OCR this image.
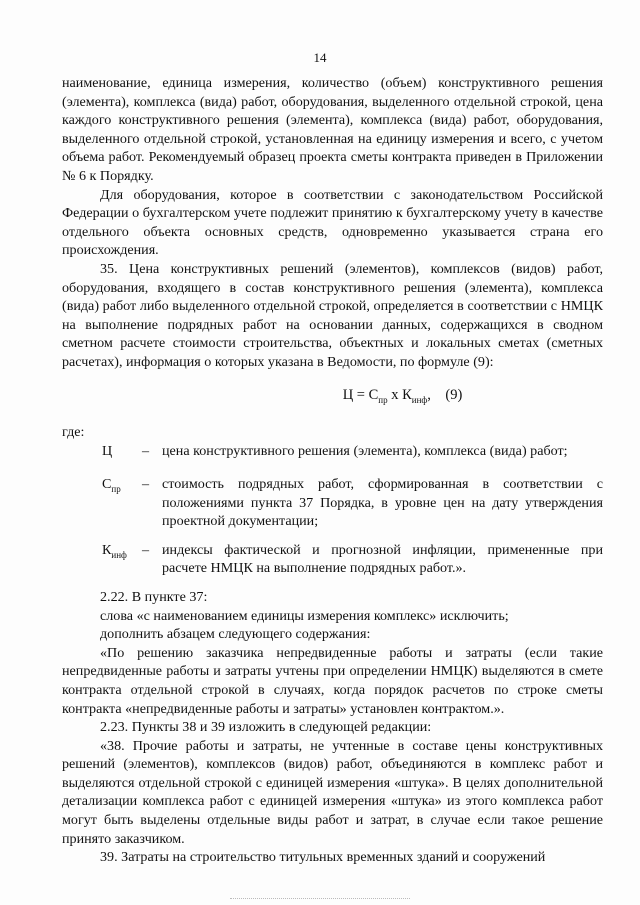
14

наименование, единица измерения, количество (объем) конструктивного решения (элемента), комплекса (вида) работ, оборудования, выделенного отдельной строкой, цена каждого конструктивного решения (элемента), комплекса (вида) работ, оборудования, выделенного отдельной строкой, установленная на единицу измерения и всего, с учетом объема работ. Рекомендуемый образец проекта сметы контракта приведен в Приложении № 6 к Порядку.

Для оборудования, которое в соответствии с законодательством Российской Федерации о бухгалтерском учете подлежит принятию к бухгалтерскому учету в качестве отдельного объекта основных средств, одновременно указывается страна его происхождения.

35. Цена конструктивных решений (элементов), комплексов (видов) работ, оборудования, входящего в состав конструктивного решения (элемента), комплекса (вида) работ либо выделенного отдельной строкой, определяется в соответствии с НМЦК на выполнение подрядных работ на основании данных, содержащихся в сводном сметном расчете стоимости строительства, объектных и локальных сметах (сметных расчетах), информация о которых указана в Ведомости, по формуле (9):

$Ц = С_{пр}$ x $К_{инф}$, (9)

где:

Ц	– цена конструктивного решения (элемента), комплекса (вида) работ;
$С_{пр}$	– стоимость подрядных работ, сформированная в соответствии с положениями пункта 37 Порядка, в уровне цен на дату утверждения проектной документации;
$К_{инф}$	– индексы фактической и прогнозной инфляции, примененные при расчете НМЦК на выполнение подрядных работ.».

2.22. В пункте 37:

слова «с наименованием единицы измерения комплекс» исключить;

дополнить абзацем следующего содержания:

«По решению заказчика непредвиденные работы и затраты (если такие непредвиденные работы и затраты учтены при определении НМЦК) выделяются в смете контракта отдельной строкой в случаях, когда порядок расчетов по строке сметы контракта «непредвиденные работы и затраты» установлен контрактом.».

2.23. Пункты 38 и 39 изложить в следующей редакции:

«38. Прочие работы и затраты, не учтенные в составе цены конструктивных решений (элементов), комплексов (видов) работ, объединяются в комплекс работ и выделяются отдельной строкой с единицей измерения «штука». В целях дополнительной детализации комплекса работ с единицей измерения «штука» из этого комплекса работ могут быть выделены отдельные виды работ и затрат, в случае если такое решение принято заказчиком.

39. Затраты на строительство титульных временных зданий и сооружений
